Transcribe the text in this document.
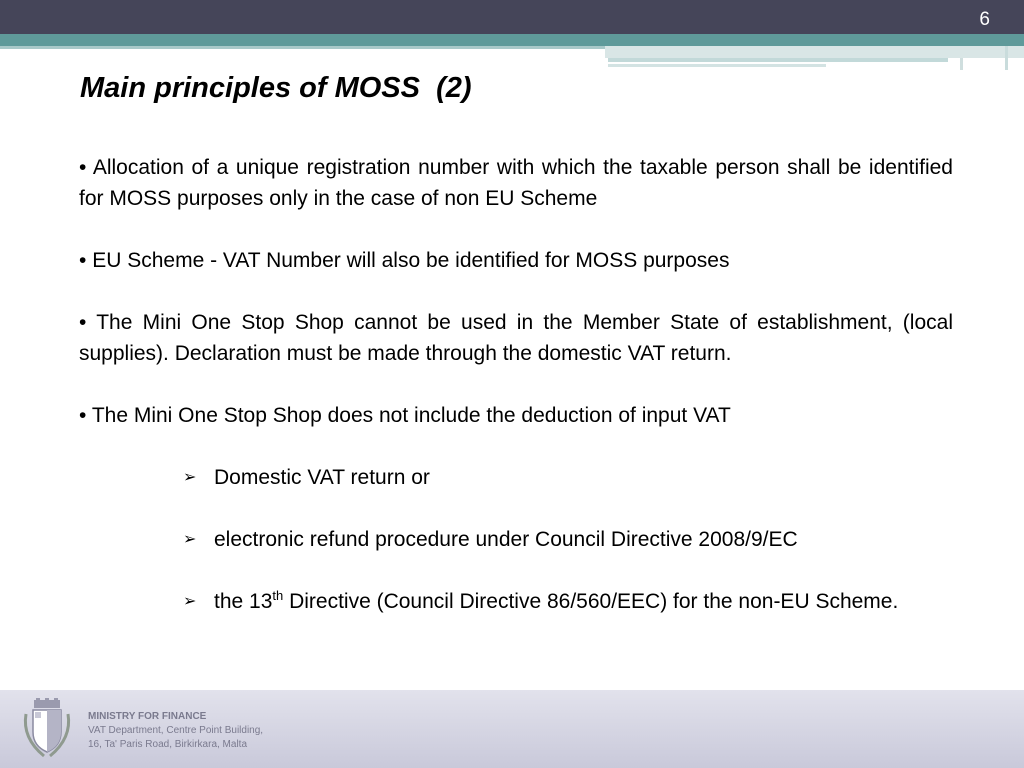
6
Main principles of MOSS  (2)

• Allocation of a unique registration number with which the taxable person shall be identified for MOSS purposes only in the case of non EU Scheme

• EU Scheme - VAT Number will also be identified for MOSS purposes

• The Mini One Stop Shop cannot be used in the Member State of establishment, (local supplies). Declaration must be made through the domestic VAT return.

• The Mini One Stop Shop does not include the deduction of input VAT

➢ Domestic VAT return or
➢ electronic refund procedure under Council Directive 2008/9/EC
➢ the 13th Directive (Council Directive 86/560/EEC) for the non-EU Scheme.
MINISTRY FOR FINANCE
VAT Department, Centre Point Building,
16, Ta' Paris Road, Birkirkara, Malta
